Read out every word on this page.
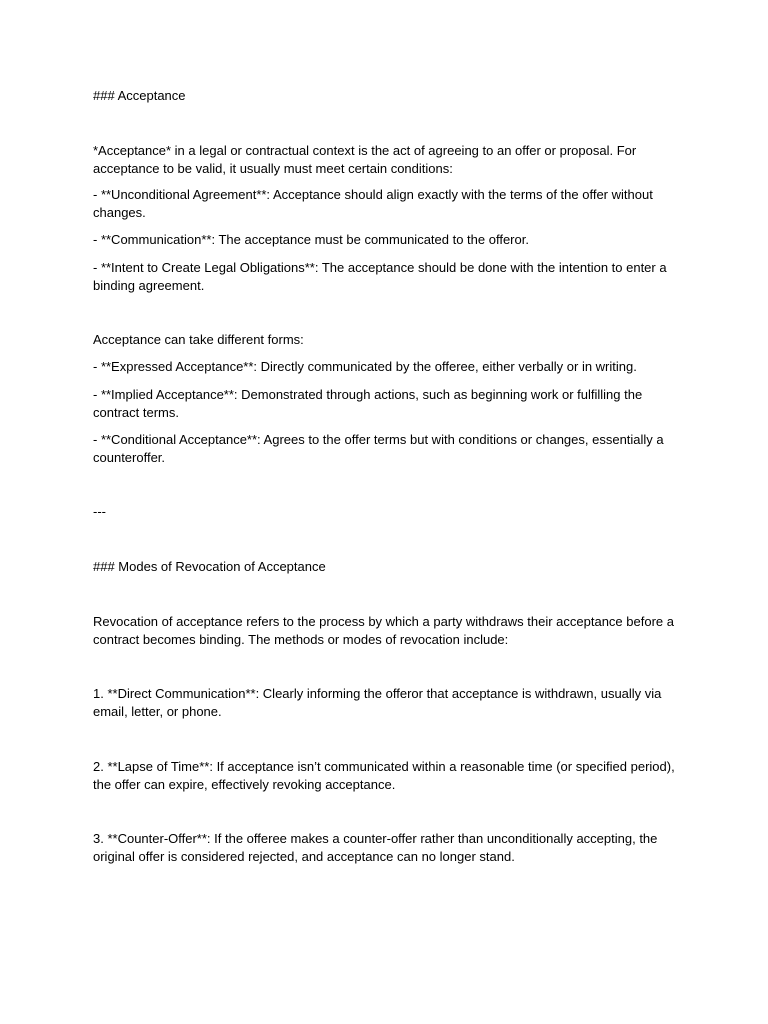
### Acceptance

*Acceptance* in a legal or contractual context is the act of agreeing to an offer or proposal. For acceptance to be valid, it usually must meet certain conditions:

- **Unconditional Agreement**: Acceptance should align exactly with the terms of the offer without changes.

- **Communication**: The acceptance must be communicated to the offeror.

- **Intent to Create Legal Obligations**: The acceptance should be done with the intention to enter a binding agreement.

Acceptance can take different forms:

- **Expressed Acceptance**: Directly communicated by the offeree, either verbally or in writing.

- **Implied Acceptance**: Demonstrated through actions, such as beginning work or fulfilling the contract terms.

- **Conditional Acceptance**: Agrees to the offer terms but with conditions or changes, essentially a counteroffer.

---

### Modes of Revocation of Acceptance

Revocation of acceptance refers to the process by which a party withdraws their acceptance before a contract becomes binding. The methods or modes of revocation include:

1. **Direct Communication**: Clearly informing the offeror that acceptance is withdrawn, usually via email, letter, or phone.

2. **Lapse of Time**: If acceptance isn’t communicated within a reasonable time (or specified period), the offer can expire, effectively revoking acceptance.

3. **Counter-Offer**: If the offeree makes a counter-offer rather than unconditionally accepting, the original offer is considered rejected, and acceptance can no longer stand.
